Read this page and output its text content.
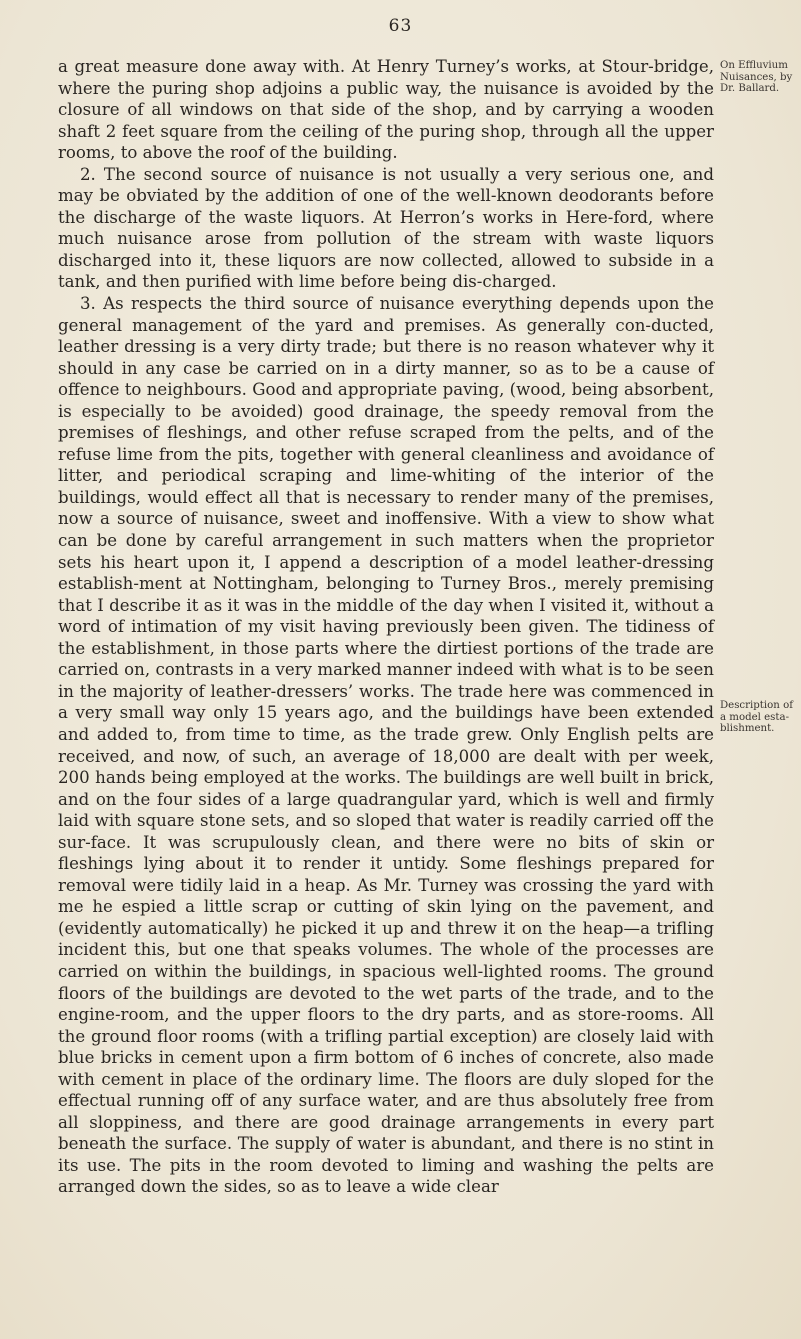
63

a great measure done away with. At Henry Turney’s works, at Stour-bridge, where the puring shop adjoins a public way, the nuisance is avoided by the closure of all windows on that side of the shop, and by carrying a wooden shaft 2 feet square from the ceiling of the puring shop, through all the upper rooms, to above the roof of the building.

2. The second source of nuisance is not usually a very serious one, and may be obviated by the addition of one of the well-known deodorants before the discharge of the waste liquors. At Herron’s works in Here-ford, where much nuisance arose from pollution of the stream with waste liquors discharged into it, these liquors are now collected, allowed to subside in a tank, and then purified with lime before being dis-charged.

3. As respects the third source of nuisance everything depends upon the general management of the yard and premises. As generally con-ducted, leather dressing is a very dirty trade; but there is no reason whatever why it should in any case be carried on in a dirty manner, so as to be a cause of offence to neighbours. Good and appropriate paving, (wood, being absorbent, is especially to be avoided) good drainage, the speedy removal from the premises of fleshings, and other refuse scraped from the pelts, and of the refuse lime from the pits, together with general cleanliness and avoidance of litter, and periodical scraping and lime-whiting of the interior of the buildings, would effect all that is necessary to render many of the premises, now a source of nuisance, sweet and inoffensive. With a view to show what can be done by careful arrangement in such matters when the proprietor sets his heart upon it, I append a description of a model leather-dressing establish-ment at Nottingham, belonging to Turney Bros., merely premising that I describe it as it was in the middle of the day when I visited it, without a word of intimation of my visit having previously been given. The tidiness of the establishment, in those parts where the dirtiest portions of the trade are carried on, contrasts in a very marked manner indeed with what is to be seen in the majority of leather-dressers’ works. The trade here was commenced in a very small way only 15 years ago, and the buildings have been extended and added to, from time to time, as the trade grew. Only English pelts are received, and now, of such, an average of 18,000 are dealt with per week, 200 hands being employed at the works. The buildings are well built in brick, and on the four sides of a large quadrangular yard, which is well and firmly laid with square stone sets, and so sloped that water is readily carried off the sur-face. It was scrupulously clean, and there were no bits of skin or fleshings lying about it to render it untidy. Some fleshings prepared for removal were tidily laid in a heap. As Mr. Turney was crossing the yard with me he espied a little scrap or cutting of skin lying on the pavement, and (evidently automatically) he picked it up and threw it on the heap—a trifling incident this, but one that speaks volumes. The whole of the processes are carried on within the buildings, in spacious well-lighted rooms. The ground floors of the buildings are devoted to the wet parts of the trade, and to the engine-room, and the upper floors to the dry parts, and as store-rooms. All the ground floor rooms (with a trifling partial exception) are closely laid with blue bricks in cement upon a firm bottom of 6 inches of concrete, also made with cement in place of the ordinary lime. The floors are duly sloped for the effectual running off of any surface water, and are thus absolutely free from all sloppiness, and there are good drainage arrangements in every part beneath the surface. The supply of water is abundant, and there is no stint in its use. The pits in the room devoted to liming and washing the pelts are arranged down the sides, so as to leave a wide clear

On Effluvium Nuisances, by Dr. Ballard.
Description of a model esta-blishment.
